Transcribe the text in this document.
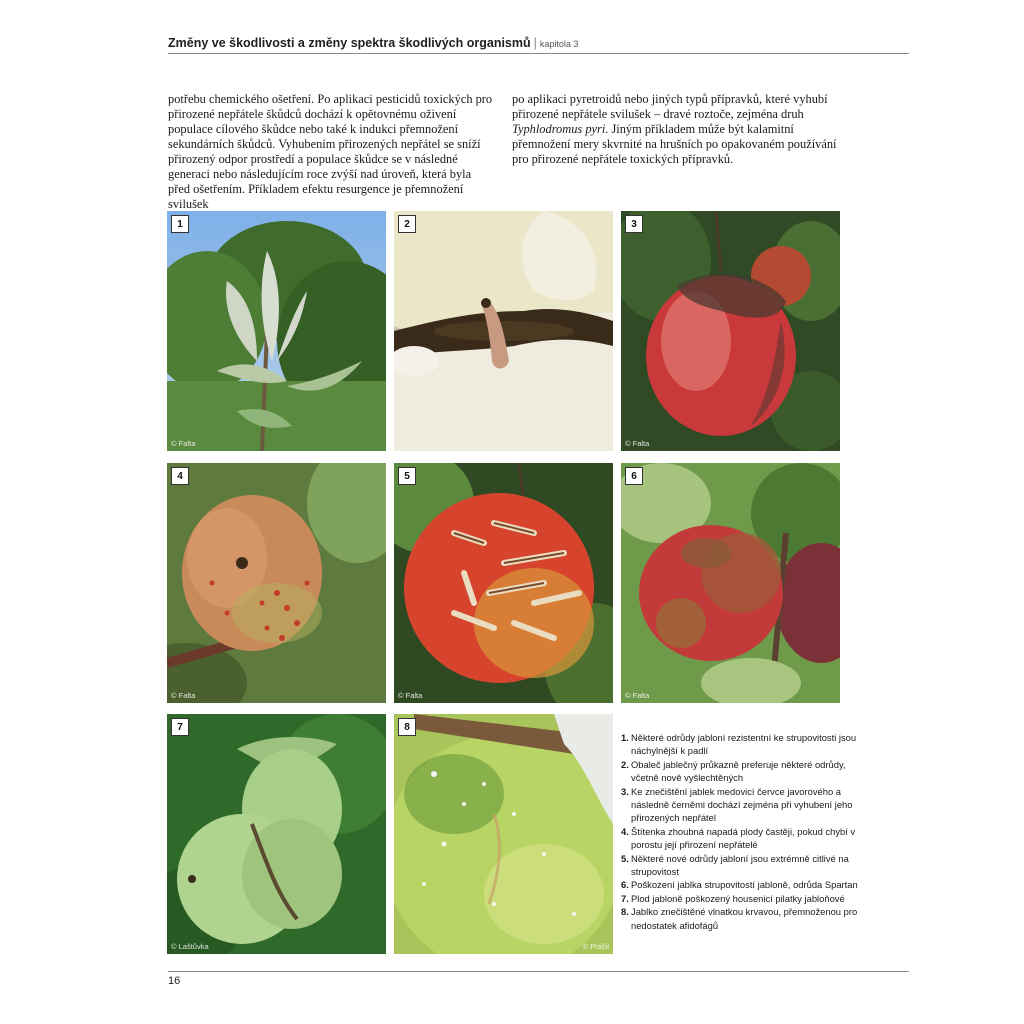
Změny ve škodlivosti a změny spektra škodlivých organismů | kapitola 3

potřebu chemického ošetření. Po aplikaci pesticidů toxických pro přirozené nepřátele škůdců dochází k opětovnému oživení populace cílového škůdce nebo také k indukci přemnožení sekundárních škůdců. Vyhubením přirozených nepřátel se sníží přirozený odpor prostředí a populace škůdce se v následné generaci nebo následujícím roce zvýší nad úroveň, která byla před ošetřením. Příkladem efektu resurgence je přemnožení svilušek

po aplikaci pyretroidů nebo jiných typů přípravků, které vyhubí přirozené nepřátele svilušek – dravé roztoče, zejména druh Typhlodromus pyri. Jiným příkladem může být kalamitní přemnožení mery skvrnité na hrušních po opakovaném používání pro přirozené nepřátele toxických přípravků.

1
© Falta
2	3
© Falta
4
© Falta
5
© Falta
6
© Falta
7
© Laštůvka
8
© Prášil
1. Některé odrůdy jabloní rezistentní ke strupovitosti jsou náchylnější k padlí
2. Obaleč jablečný průkazně preferuje některé odrůdy, včetně nově vyšlechtěných
3. Ke znečištění jablek medovicí červce javorového a následně černěmi dochází zejména při vyhubení jeho přirozených nepřátel
4. Štítenka zhoubná napadá plody častěji, pokud chybí v porostu její přirození nepřátelé
5. Některé nové odrůdy jabloní jsou extrémně citlivé na strupovitost
6. Poškození jablka strupovitostí jabloně, odrůda Spartan
7. Plod jabloně poškozený housenicí pilatky jabloňové
8. Jablko znečištěné vlnatkou krvavou, přemnoženou pro nedostatek afidofágů
16
